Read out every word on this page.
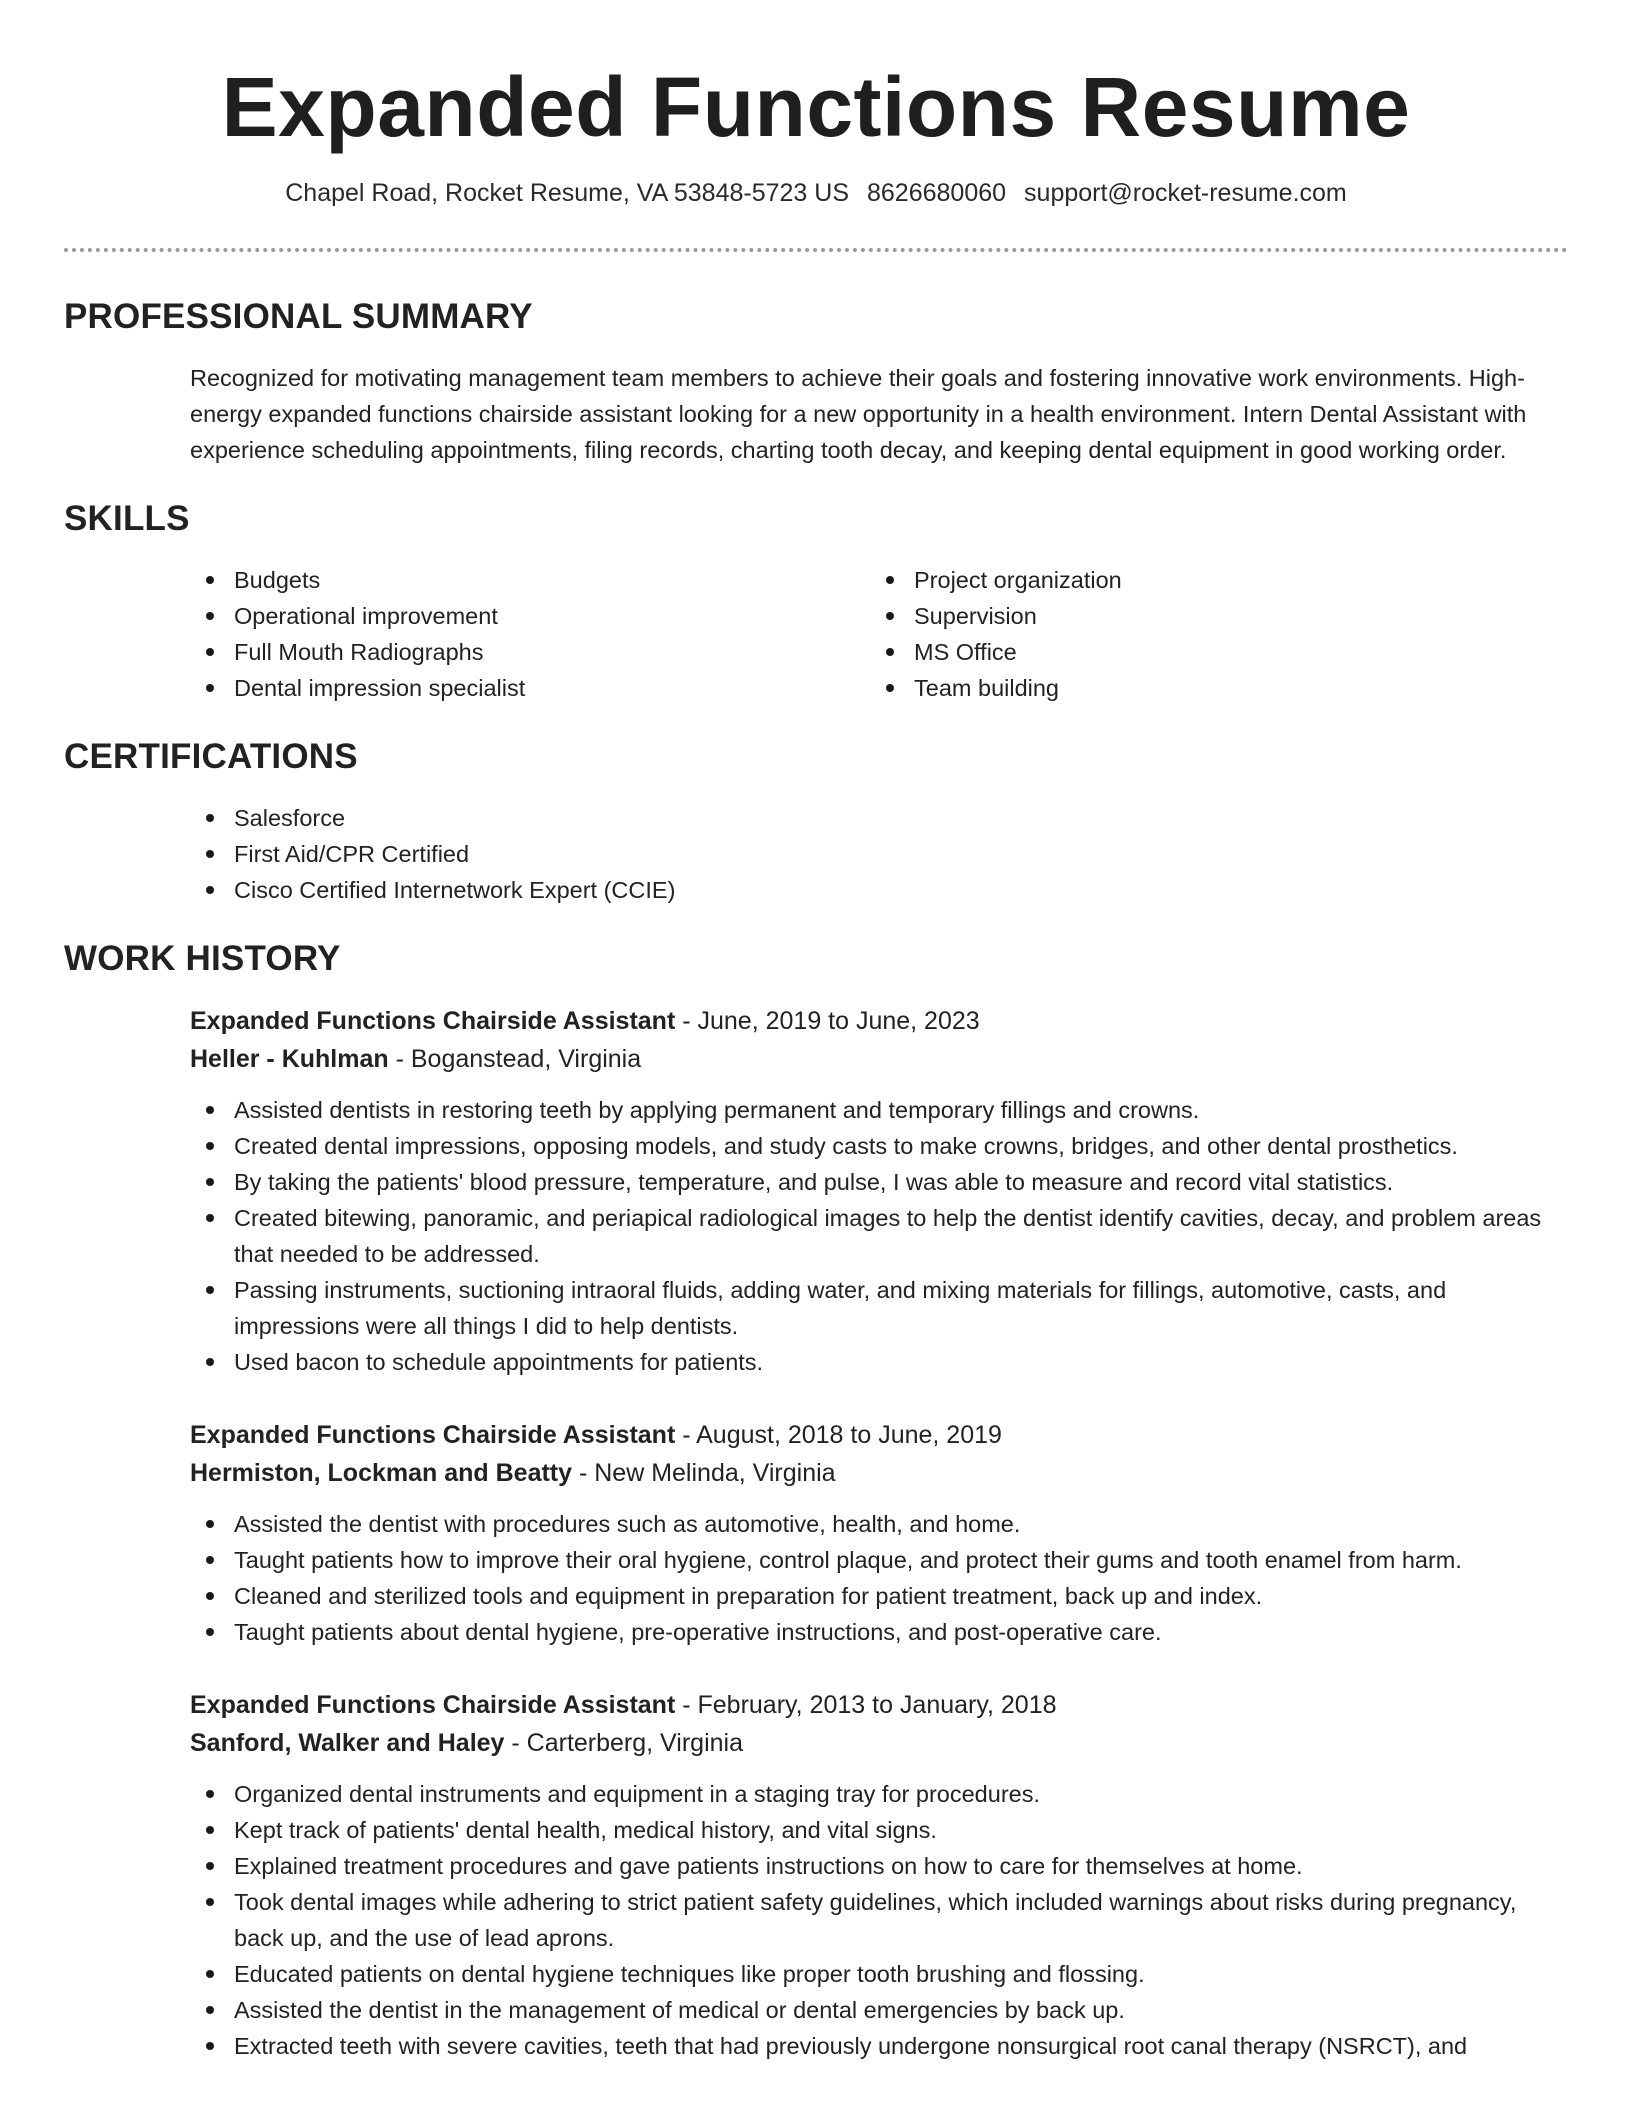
Expanded Functions Resume
Chapel Road, Rocket Resume, VA 53848-5723 US 8626680060 support@rocket-resume.com
PROFESSIONAL SUMMARY

Recognized for motivating management team members to achieve their goals and fostering innovative work environments. High-energy expanded functions chairside assistant looking for a new opportunity in a health environment. Intern Dental Assistant with experience scheduling appointments, filing records, charting tooth decay, and keeping dental equipment in good working order.

SKILLS
Budgets
Operational improvement
Full Mouth Radiographs
Dental impression specialist
Project organization
Supervision
MS Office
Team building
CERTIFICATIONS
Salesforce
First Aid/CPR Certified
Cisco Certified Internetwork Expert (CCIE)
WORK HISTORY
Expanded Functions Chairside Assistant - June, 2019 to June, 2023
Heller - Kuhlman - Boganstead, Virginia
Assisted dentists in restoring teeth by applying permanent and temporary fillings and crowns.
Created dental impressions, opposing models, and study casts to make crowns, bridges, and other dental prosthetics.
By taking the patients' blood pressure, temperature, and pulse, I was able to measure and record vital statistics.
Created bitewing, panoramic, and periapical radiological images to help the dentist identify cavities, decay, and problem areas that needed to be addressed.
Passing instruments, suctioning intraoral fluids, adding water, and mixing materials for fillings, automotive, casts, and impressions were all things I did to help dentists.
Used bacon to schedule appointments for patients.
Expanded Functions Chairside Assistant - August, 2018 to June, 2019
Hermiston, Lockman and Beatty - New Melinda, Virginia
Assisted the dentist with procedures such as automotive, health, and home.
Taught patients how to improve their oral hygiene, control plaque, and protect their gums and tooth enamel from harm.
Cleaned and sterilized tools and equipment in preparation for patient treatment, back up and index.
Taught patients about dental hygiene, pre-operative instructions, and post-operative care.
Expanded Functions Chairside Assistant - February, 2013 to January, 2018
Sanford, Walker and Haley - Carterberg, Virginia
Organized dental instruments and equipment in a staging tray for procedures.
Kept track of patients' dental health, medical history, and vital signs.
Explained treatment procedures and gave patients instructions on how to care for themselves at home.
Took dental images while adhering to strict patient safety guidelines, which included warnings about risks during pregnancy, back up, and the use of lead aprons.
Educated patients on dental hygiene techniques like proper tooth brushing and flossing.
Assisted the dentist in the management of medical or dental emergencies by back up.
Extracted teeth with severe cavities, teeth that had previously undergone nonsurgical root canal therapy (NSRCT), and
